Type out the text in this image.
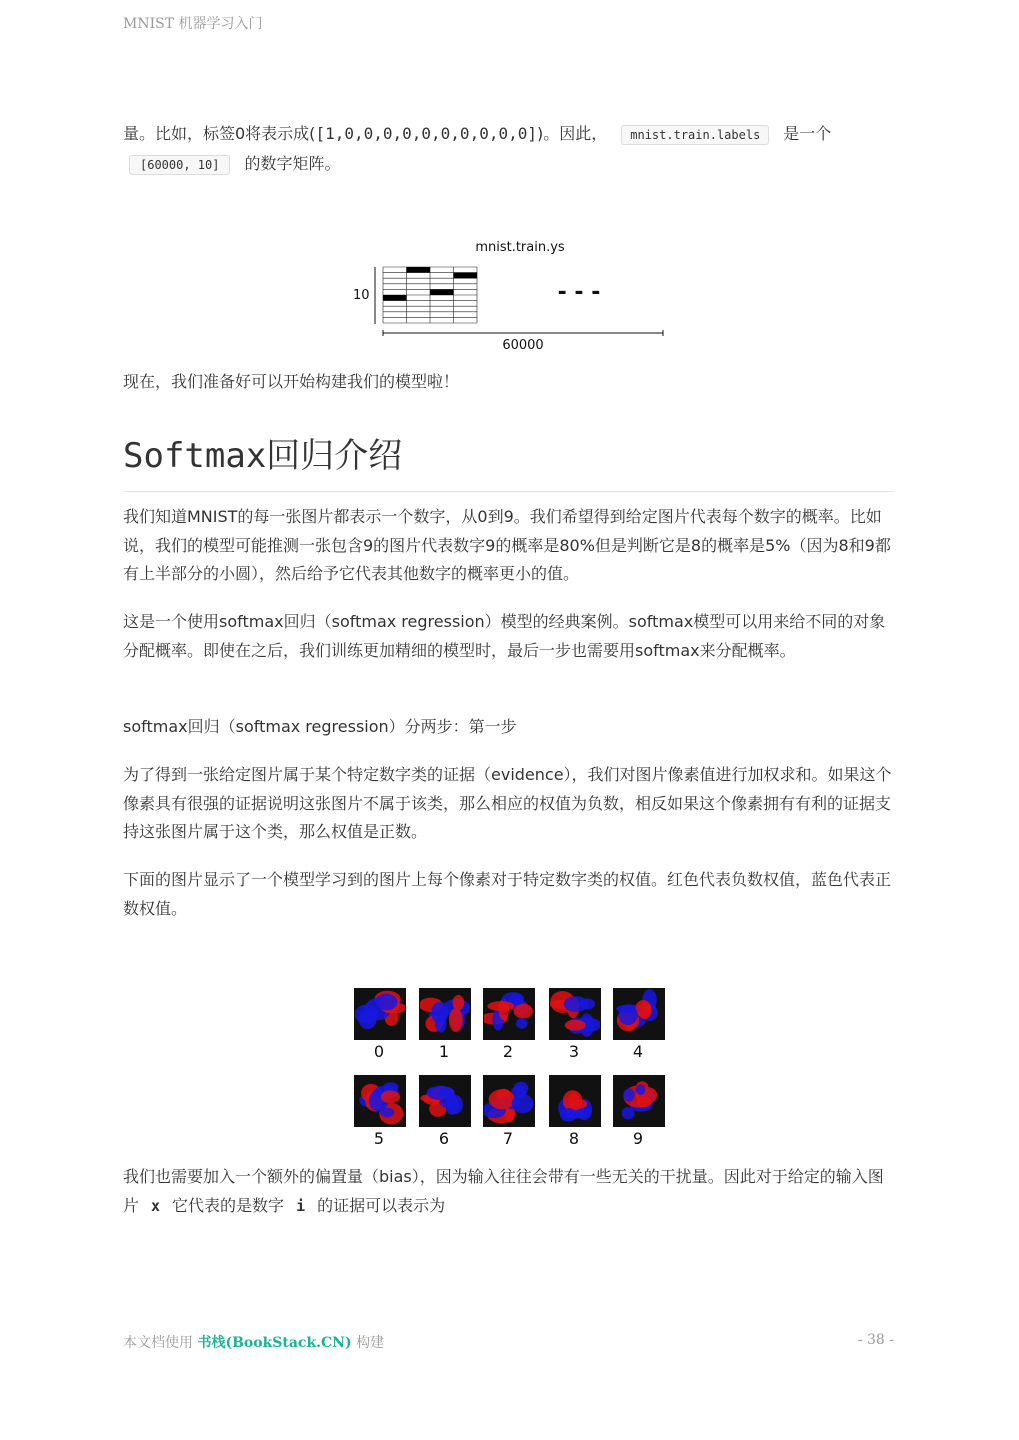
MNIST 机器学习入门

量。比如，标签0将表示成([1,0,0,0,0,0,0,0,0,0,0])。因此， mnist.train.labels 是一个
[60000, 10] 的数字矩阵。

mnist.train.ys
10	- - -
60000

现在，我们准备好可以开始构建我们的模型啦！

Softmax回归介绍

我们知道MNIST的每一张图片都表示一个数字，从0到9。我们希望得到给定图片代表每个数字的概率。比如说，我们的模型可能推测一张包含9的图片代表数字9的概率是80%但是判断它是8的概率是5%（因为8和9都有上半部分的小圆），然后给予它代表其他数字的概率更小的值。

这是一个使用softmax回归（softmax regression）模型的经典案例。softmax模型可以用来给不同的对象分配概率。即使在之后，我们训练更加精细的模型时，最后一步也需要用softmax来分配概率。

softmax回归（softmax regression）分两步：第一步

为了得到一张给定图片属于某个特定数字类的证据（evidence），我们对图片像素值进行加权求和。如果这个像素具有很强的证据说明这张图片不属于该类，那么相应的权值为负数，相反如果这个像素拥有有利的证据支持这张图片属于这个类，那么权值是正数。

下面的图片显示了一个模型学习到的图片上每个像素对于特定数字类的权值。红色代表负数权值，蓝色代表正数权值。

0	1	2	3	4
5	6	7	8	9

我们也需要加入一个额外的偏置量（bias），因为输入往往会带有一些无关的干扰量。因此对于给定的输入图片 x 它代表的是数字 i 的证据可以表示为

本文档使用 书栈(BookStack.CN) 构建	- 38 -
